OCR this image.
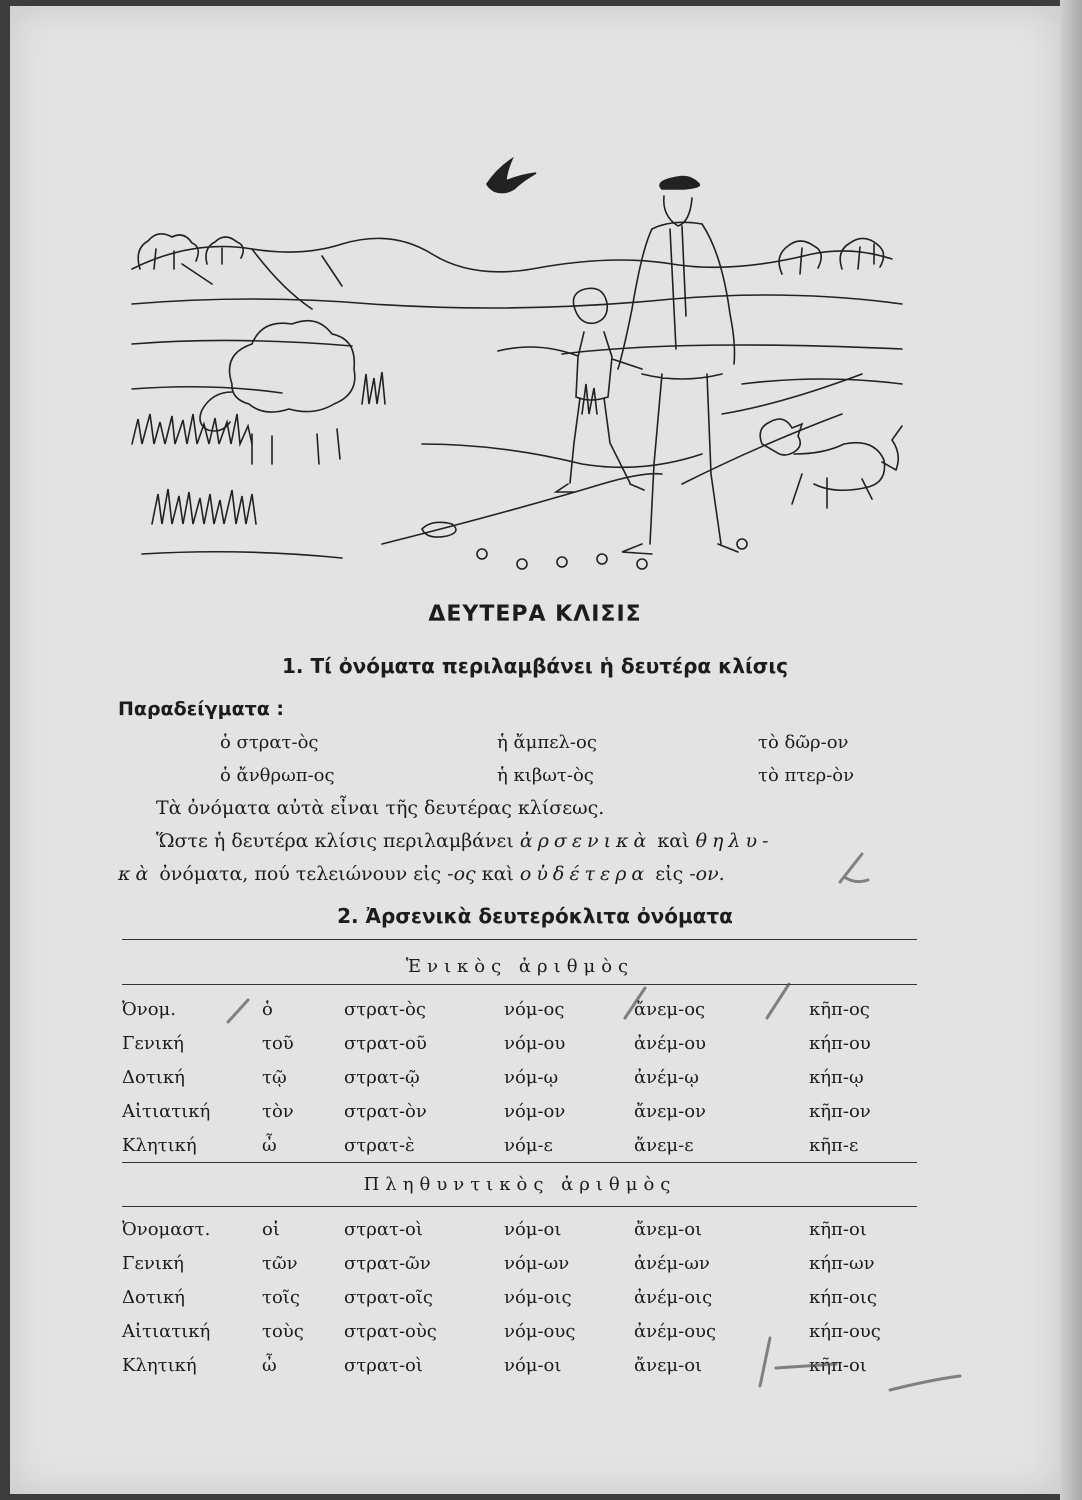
ΔΕΥΤΕΡΑ ΚΛΙΣΙΣ
1. Τί ὀνόματα περιλαμβάνει ἡ δευτέρα κλίσις
Παραδείγματα :
ὁ στρατ-ὸς	ἡ ἄμπελ-ος	τὸ δῶρ-ον
ὁ ἄνθρωπ-ος	ἡ κιβωτ-ὸς	τὸ πτερ-ὸν
Τὰ ὀνόματα αὐτὰ εἶναι τῆς δευτέρας κλίσεως.
Ὥστε ἡ δευτέρα κλίσις περιλαμβάνει ἀρσενικὰ καὶ θηλυ-
κὰ ὀνόματα, πού τελειώνουν εἰς -ος καὶ οὐδέτερα εἰς -ον.
2. Ἀρσενικὰ δευτερόκλιτα ὀνόματα
Ἑνικὸς ἀριθμὸς
Ὀνομ.	ὁ	στρατ-ὸς	νόμ-ος	ἄνεμ-ος	κῆπ-ος
Γενική	τοῦ	στρατ-οῦ	νόμ-ου	ἀνέμ-ου	κήπ-ου
Δοτική	τῷ	στρατ-ῷ	νόμ-ῳ	ἀνέμ-ῳ	κήπ-ῳ
Αἰτιατική	τὸν	στρατ-ὸν	νόμ-ον	ἄνεμ-ον	κῆπ-ον
Κλητική	ὦ	στρατ-ὲ	νόμ-ε	ἄνεμ-ε	κῆπ-ε
Πληθυντικὸς ἀριθμὸς
Ὀνομαστ.	οἱ	στρατ-οὶ	νόμ-οι	ἄνεμ-οι	κῆπ-οι
Γενική	τῶν	στρατ-ῶν	νόμ-ων	ἀνέμ-ων	κήπ-ων
Δοτική	τοῖς	στρατ-οῖς	νόμ-οις	ἀνέμ-οις	κήπ-οις
Αἰτιατική	τοὺς	στρατ-οὺς	νόμ-ους	ἀνέμ-ους	κήπ-ους
Κλητική	ὦ	στρατ-οὶ	νόμ-οι	ἄνεμ-οι	κῆπ-οι
